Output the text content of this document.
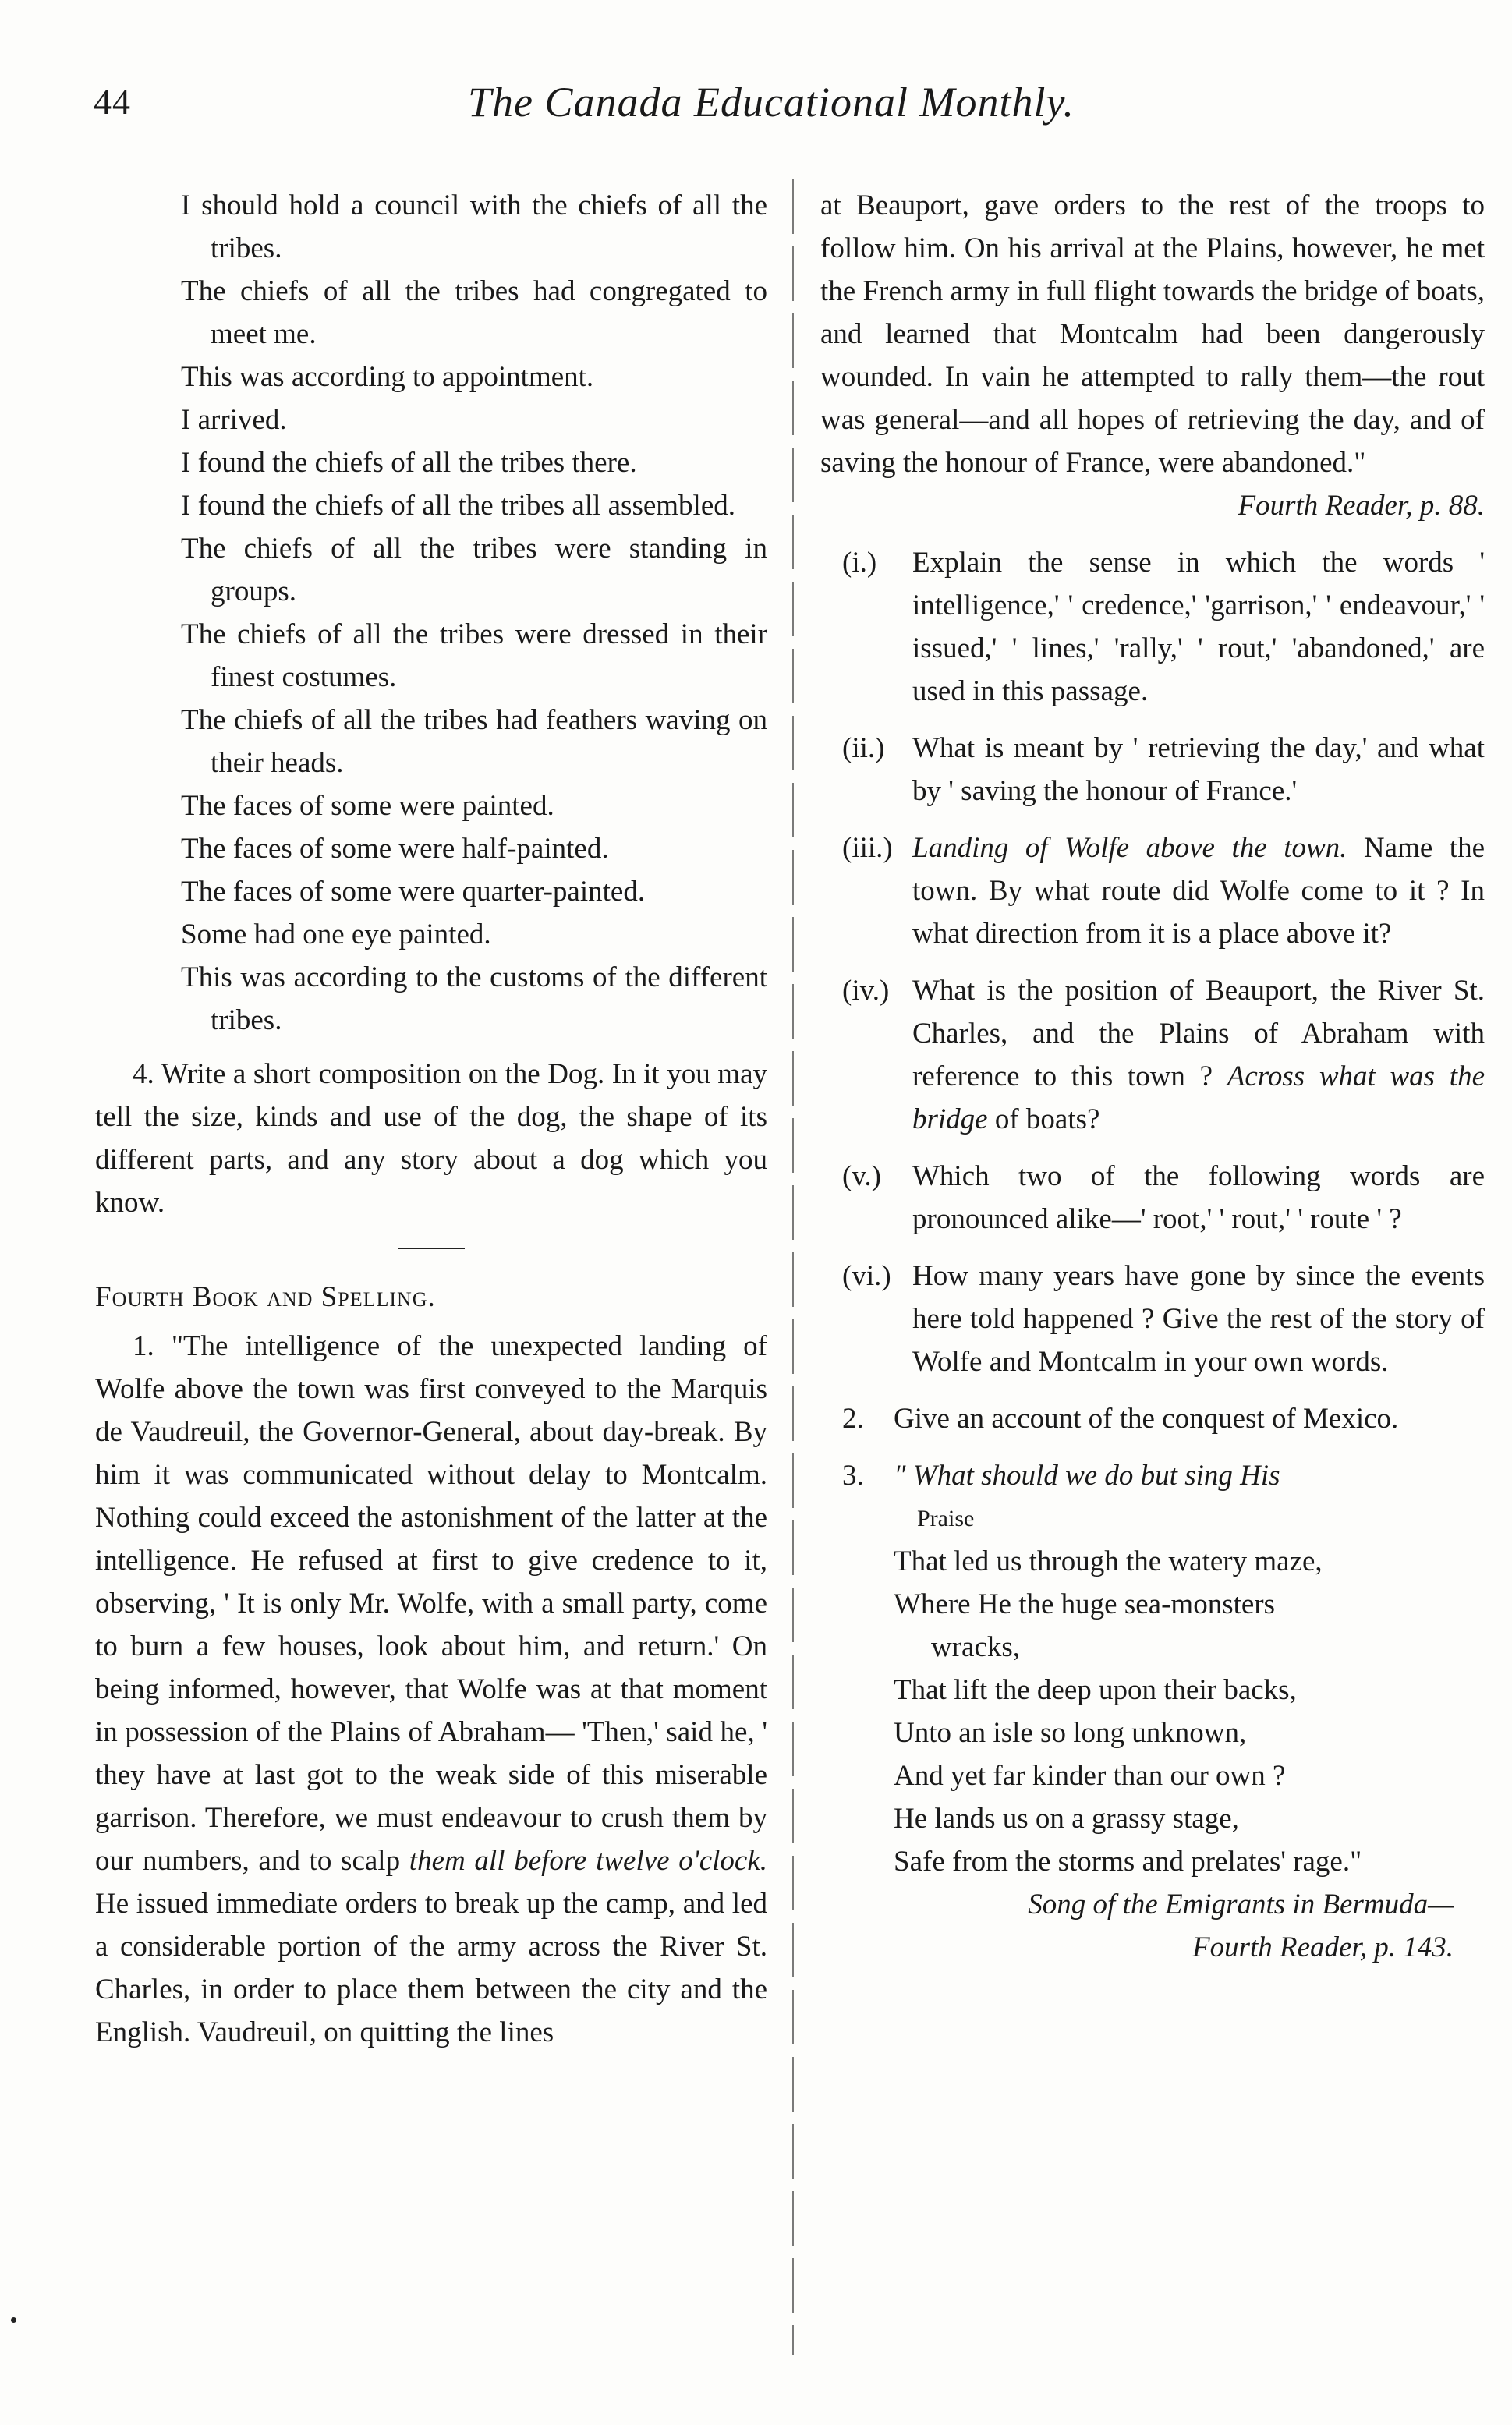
44	The Canada Educational Monthly.
I should hold a council with the chiefs of all the tribes.
The chiefs of all the tribes had congregated to meet me.
This was according to appointment.
I arrived.
I found the chiefs of all the tribes there.
I found the chiefs of all the tribes all assembled.
The chiefs of all the tribes were standing in groups.
The chiefs of all the tribes were dressed in their finest costumes.
The chiefs of all the tribes had feathers waving on their heads.
The faces of some were painted.
The faces of some were half-painted.
The faces of some were quarter-painted.
Some had one eye painted.
This was according to the customs of the different tribes.

4. Write a short composition on the Dog. In it you may tell the size, kinds and use of the dog, the shape of its different parts, and any story about a dog which you know.

Fourth Book and Spelling.

1. "The intelligence of the unexpected landing of Wolfe above the town was first conveyed to the Marquis de Vaudreuil, the Governor-General, about day-break. By him it was communicated without delay to Montcalm. Nothing could exceed the astonishment of the latter at the intelligence. He refused at first to give credence to it, observing, ' It is only Mr. Wolfe, with a small party, come to burn a few houses, look about him, and return.' On being informed, however, that Wolfe was at that moment in possession of the Plains of Abraham— 'Then,' said he, ' they have at last got to the weak side of this miserable garrison. Therefore, we must endeavour to crush them by our numbers, and to scalp them all before twelve o'clock. He issued immediate orders to break up the camp, and led a considerable portion of the army across the River St. Charles, in order to place them between the city and the English. Vaudreuil, on quitting the lines

at Beauport, gave orders to the rest of the troops to follow him. On his arrival at the Plains, however, he met the French army in full flight towards the bridge of boats, and learned that Montcalm had been dangerously wounded. In vain he attempted to rally them—the rout was general—and all hopes of retrieving the day, and of saving the honour of France, were abandoned."

Fourth Reader, p. 88.
(i.)	Explain the sense in which the words ' intelligence,' ' credence,' 'garrison,' ' endeavour,' ' issued,' ' lines,' 'rally,' ' rout,' 'abandoned,' are used in this passage.
(ii.) What is meant by ' retrieving the day,' and what by ' saving the honour of France.'
(iii.) Landing of Wolfe above the town. Name the town. By what route did Wolfe come to it ? In what direction from it is a place above it?
(iv.) What is the position of Beauport, the River St. Charles, and the Plains of Abraham with reference to this town ? Across what was the bridge of boats?
(v.)	Which two of the following words are pronounced alike—' root,' ' rout,' ' route ' ?
(vi.) How many years have gone by since the events here told happened ? Give the rest of the story of Wolfe and Montcalm in your own words.
2.	Give an account of the conquest of Mexico.
3.	" What should we do but sing His
Praise
That led us through the watery maze,
Where He the huge sea-monsters
wracks,
That lift the deep upon their backs,
Unto an isle so long unknown,
And yet far kinder than our own ?
He lands us on a grassy stage,
Safe from the storms and prelates' rage."
Song of the Emigrants in Bermuda—
Fourth Reader, p. 143.
